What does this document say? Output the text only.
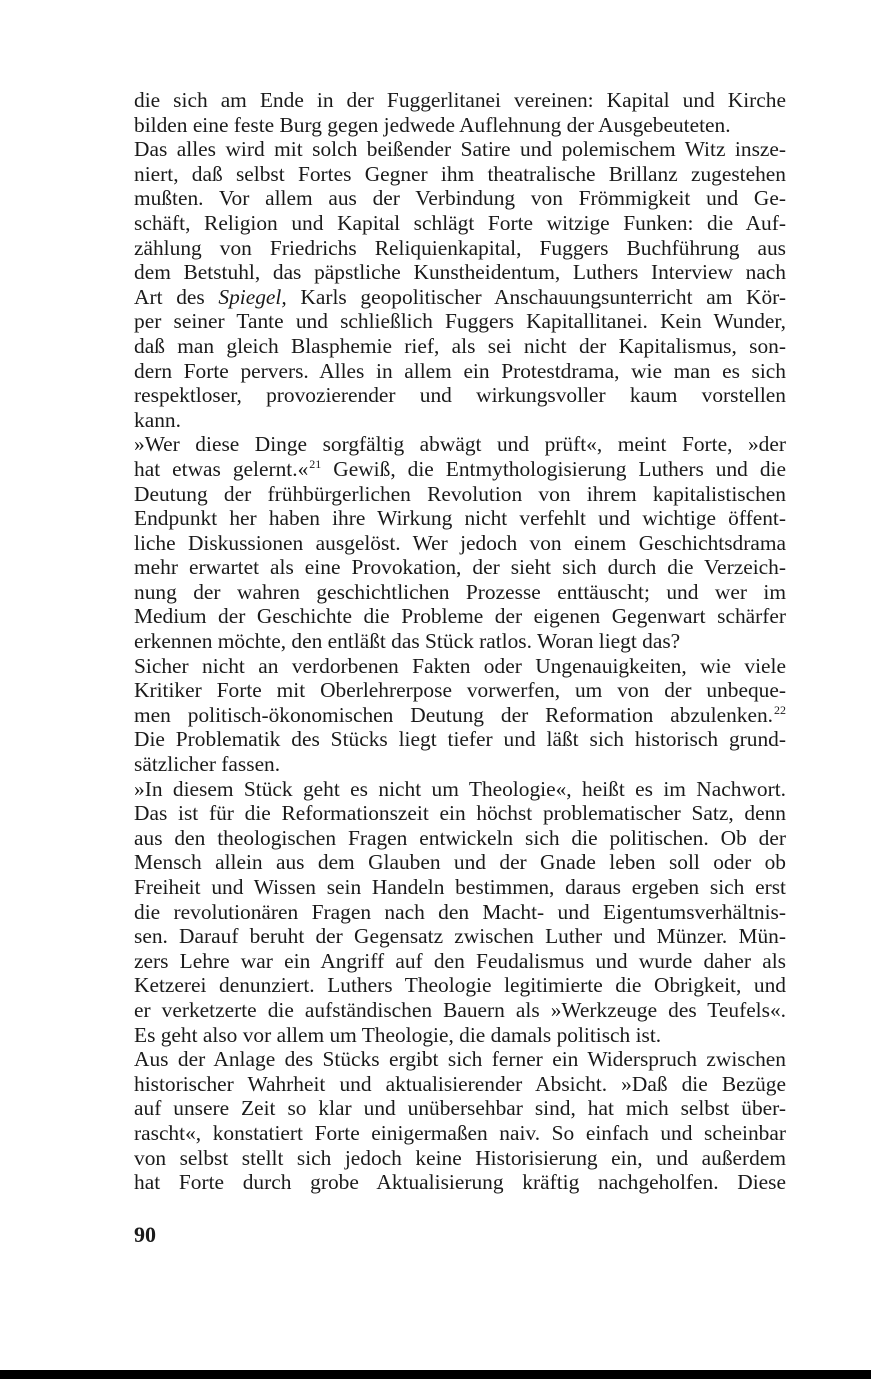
die sich am Ende in der Fuggerlitanei vereinen: Kapital und Kirche
bilden eine feste Burg gegen jedwede Auflehnung der Ausgebeuteten.
Das alles wird mit solch beißender Satire und polemischem Witz insze-
niert, daß selbst Fortes Gegner ihm theatralische Brillanz zugestehen
mußten. Vor allem aus der Verbindung von Frömmigkeit und Ge-
schäft, Religion und Kapital schlägt Forte witzige Funken: die Auf-
zählung von Friedrichs Reliquienkapital, Fuggers Buchführung aus
dem Betstuhl, das päpstliche Kunstheidentum, Luthers Interview nach
Art des Spiegel, Karls geopolitischer Anschauungsunterricht am Kör-
per seiner Tante und schließlich Fuggers Kapitallitanei. Kein Wunder,
daß man gleich Blasphemie rief, als sei nicht der Kapitalismus, son-
dern Forte pervers. Alles in allem ein Protestdrama, wie man es sich
respektloser, provozierender und wirkungsvoller kaum vorstellen
kann.
»Wer diese Dinge sorgfältig abwägt und prüft«, meint Forte, »der
hat etwas gelernt.«$^{21}$ Gewiß, die Entmythologisierung Luthers und die
Deutung der frühbürgerlichen Revolution von ihrem kapitalistischen
Endpunkt her haben ihre Wirkung nicht verfehlt und wichtige öffent-
liche Diskussionen ausgelöst. Wer jedoch von einem Geschichtsdrama
mehr erwartet als eine Provokation, der sieht sich durch die Verzeich-
nung der wahren geschichtlichen Prozesse enttäuscht; und wer im
Medium der Geschichte die Probleme der eigenen Gegenwart schärfer
erkennen möchte, den entläßt das Stück ratlos. Woran liegt das?
Sicher nicht an verdorbenen Fakten oder Ungenauigkeiten, wie viele
Kritiker Forte mit Oberlehrerpose vorwerfen, um von der unbeque-
men politisch-ökonomischen Deutung der Reformation abzulenken.$^{22}$
Die Problematik des Stücks liegt tiefer und läßt sich historisch grund-
sätzlicher fassen.
»In diesem Stück geht es nicht um Theologie«, heißt es im Nachwort.
Das ist für die Reformationszeit ein höchst problematischer Satz, denn
aus den theologischen Fragen entwickeln sich die politischen. Ob der
Mensch allein aus dem Glauben und der Gnade leben soll oder ob
Freiheit und Wissen sein Handeln bestimmen, daraus ergeben sich erst
die revolutionären Fragen nach den Macht- und Eigentumsverhältnis-
sen. Darauf beruht der Gegensatz zwischen Luther und Münzer. Mün-
zers Lehre war ein Angriff auf den Feudalismus und wurde daher als
Ketzerei denunziert. Luthers Theologie legitimierte die Obrigkeit, und
er verketzerte die aufständischen Bauern als »Werkzeuge des Teufels«.
Es geht also vor allem um Theologie, die damals politisch ist.
Aus der Anlage des Stücks ergibt sich ferner ein Widerspruch zwischen
historischer Wahrheit und aktualisierender Absicht. »Daß die Bezüge
auf unsere Zeit so klar und unübersehbar sind, hat mich selbst über-
rascht«, konstatiert Forte einigermaßen naiv. So einfach und scheinbar
von selbst stellt sich jedoch keine Historisierung ein, und außerdem
hat Forte durch grobe Aktualisierung kräftig nachgeholfen. Diese
90
